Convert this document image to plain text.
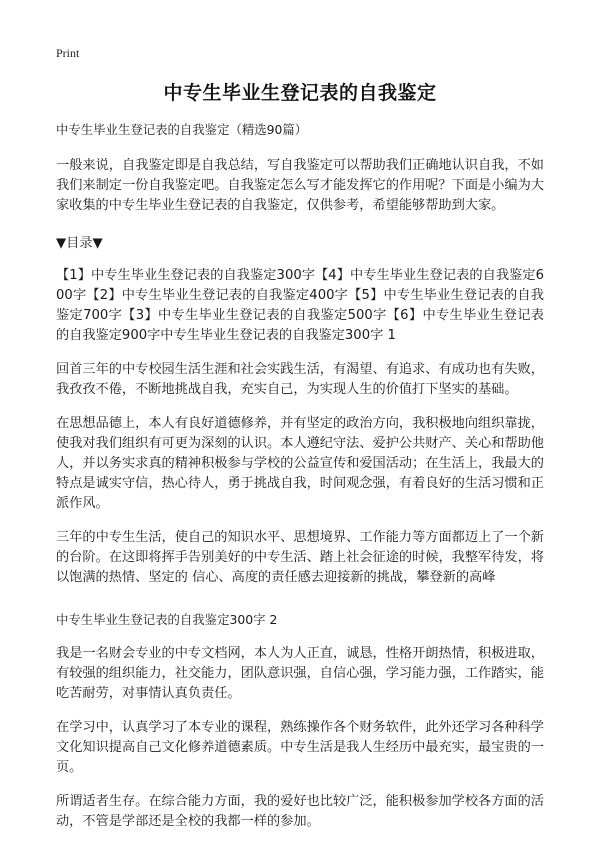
Print
中专生毕业生登记表的自我鉴定

中专生毕业生登记表的自我鉴定（精选90篇）

一般来说，自我鉴定即是自我总结，写自我鉴定可以帮助我们正确地认识自我，不如我们来制定一份自我鉴定吧。自我鉴定怎么写才能发挥它的作用呢？下面是小编为大家收集的中专生毕业生登记表的自我鉴定，仅供参考，希望能够帮助到大家。

▼目录▼

【1】中专生毕业生登记表的自我鉴定300字【4】中专生毕业生登记表的自我鉴定600字【2】中专生毕业生登记表的自我鉴定400字【5】中专生毕业生登记表的自我鉴定700字【3】中专生毕业生登记表的自我鉴定500字【6】中专生毕业生登记表的自我鉴定900字中专生毕业生登记表的自我鉴定300字 1

回首三年的中专校园生活生涯和社会实践生活，有渴望、有追求、有成功也有失败，我孜孜不倦，不断地挑战自我，充实自己，为实现人生的价值打下坚实的基础。

在思想品德上，本人有良好道德修养，并有坚定的政治方向，我积极地向组织靠拢，使我对我们组织有可更为深刻的认识。本人遵纪守法、爱护公共财产、关心和帮助他人，并以务实求真的精神积极参与学校的公益宣传和爱国活动；在生活上，我最大的特点是诚实守信，热心待人，勇于挑战自我，时间观念强，有着良好的生活习惯和正派作风。

三年的中专生生活，使自己的知识水平、思想境界、工作能力等方面都迈上了一个新的台阶。在这即将挥手告别美好的中专生活、踏上社会征途的时候，我整军待发，将以饱满的热情、坚定的 信心、高度的责任感去迎接新的挑战，攀登新的高峰

中专生毕业生登记表的自我鉴定300字 2

我是一名财会专业的中专文档网，本人为人正直，诚恳，性格开朗热情，积极进取，有较强的组织能力，社交能力，团队意识强，自信心强，学习能力强，工作踏实，能吃苦耐劳，对事情认真负责任。

在学习中，认真学习了本专业的课程，熟练操作各个财务软件，此外还学习各种科学文化知识提高自己文化修养道德素质。中专生活是我人生经历中最充实，最宝贵的一页。

所谓适者生存。在综合能力方面，我的爱好也比较广泛，能积极参加学校各方面的活动，不管是学部还是全校的我都一样的参加。
